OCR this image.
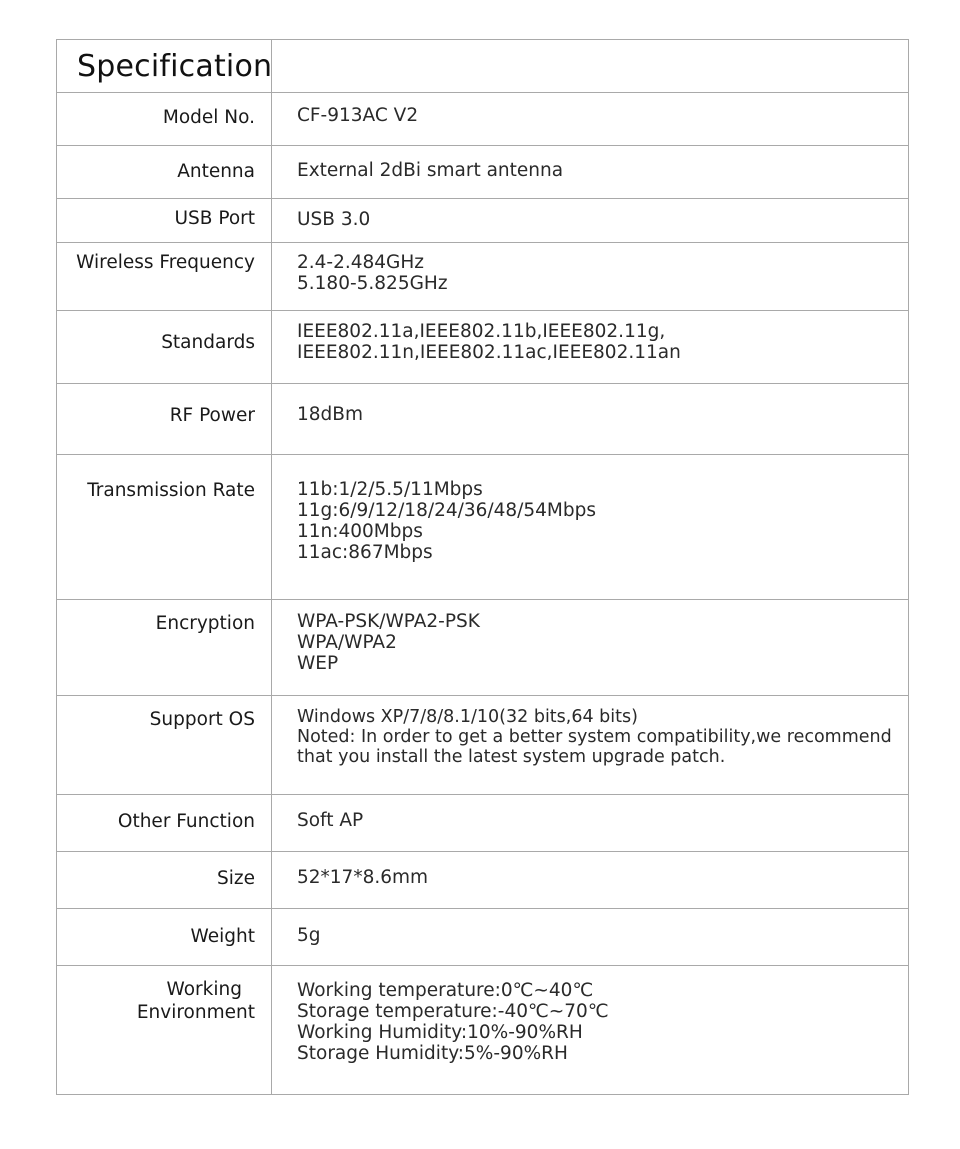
Specification	

Model No.	CF-913AC V2

Antenna	External 2dBi smart antenna

USB Port	USB 3.0

Wireless Frequency	2.4-2.484GHz
5.180-5.825GHz

Standards	IEEE802.11a,IEEE802.11b,IEEE802.11g,
IEEE802.11n,IEEE802.11ac,IEEE802.11an

RF Power	18dBm

Transmission Rate	11b:1/2/5.5/11Mbps
11g:6/9/12/18/24/36/48/54Mbps
11n:400Mbps
11ac:867Mbps

Encryption	WPA-PSK/WPA2-PSK
WPA/WPA2
WEP

Support OS	Windows XP/7/8/8.1/10(32 bits,64 bits)
Noted: In order to get a better system compatibility,we recommend
that you install the latest system upgrade patch.

Other Function	Soft AP

Size	52*17*8.6mm

Weight	5g

Working
Environment	Working temperature:0℃~40℃
Storage temperature:-40℃~70℃
Working Humidity:10%-90%RH
Storage Humidity:5%-90%RH
